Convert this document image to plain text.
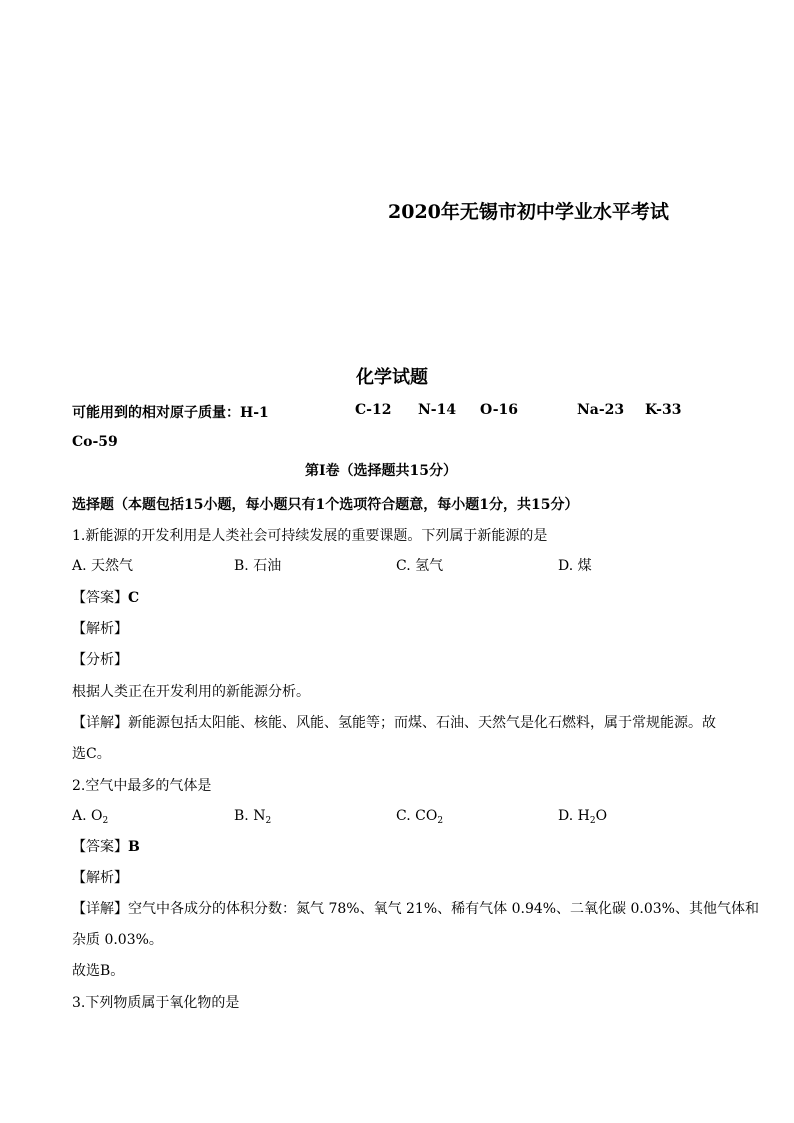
2020年无锡市初中学业水平考试
化学试题
可能用到的相对原子质量：H-1	C-12 N-14 O-16	Na-23 K-33
Co-59
第I卷（选择题共15分）
选择题（本题包括15小题，每小题只有1个选项符合题意，每小题1分，共15分）
1.新能源的开发利用是人类社会可持续发展的重要课题。下列属于新能源的是
A. 天然气	B. 石油	C. 氢气	D. 煤
【答案】C
【解析】
【分析】
根据人类正在开发利用的新能源分析。
【详解】新能源包括太阳能、核能、风能、氢能等；而煤、石油、天然气是化石燃料，属于常规能源。故
选C。
2.空气中最多的气体是
A. $O_2$	B. $N_2$	C. $CO_2$	D. $H_2O$
【答案】B
【解析】
【详解】空气中各成分的体积分数：氮气 78%、氧气 21%、稀有气体 0.94%、二氧化碳 0.03%、其他气体和
杂质 0.03%。
故选B。
3.下列物质属于氧化物的是
